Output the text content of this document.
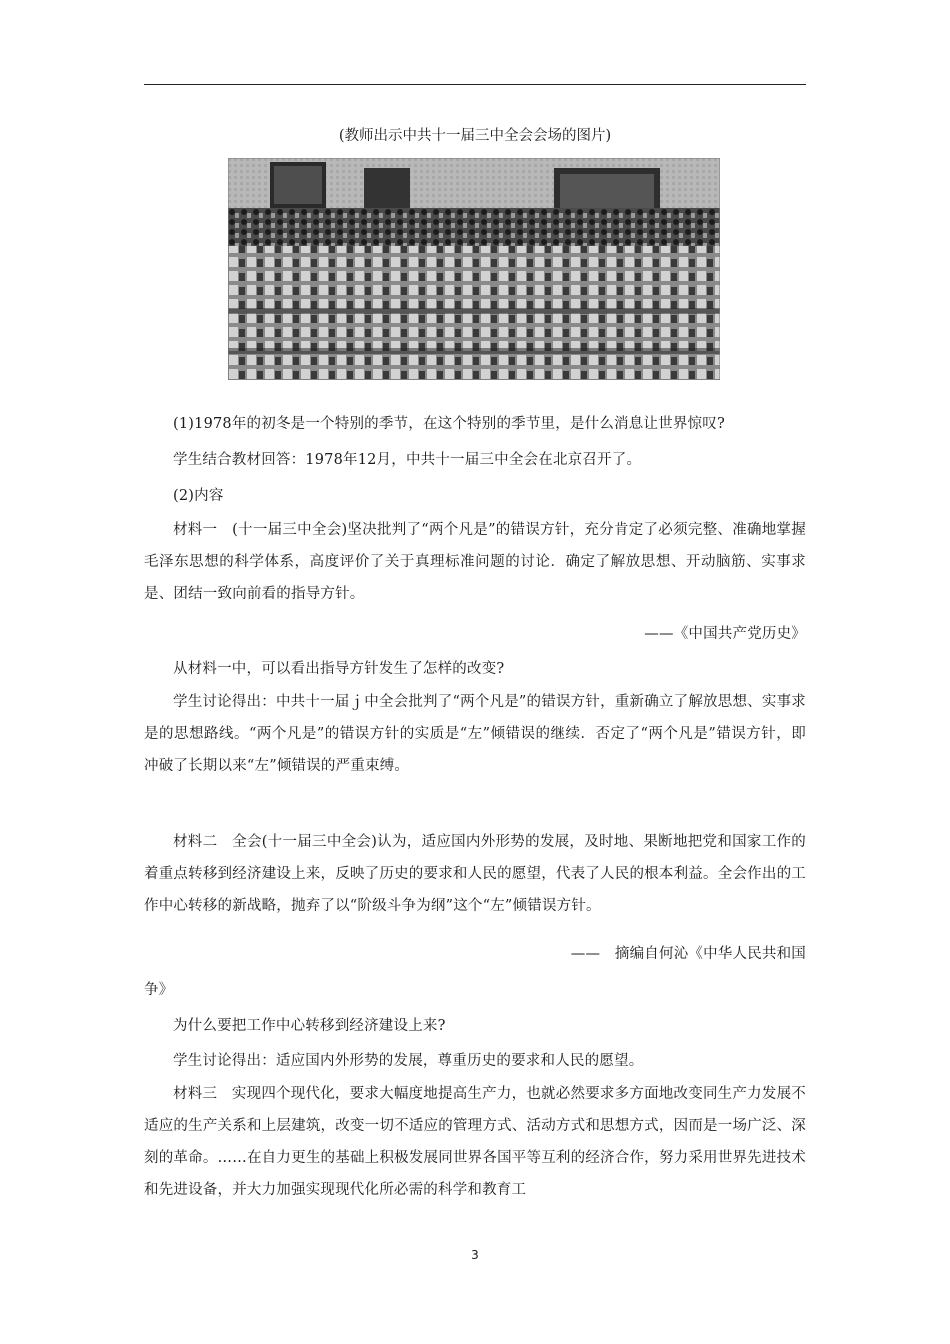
(教师出示中共十一届三中全会会场的图片)
(1)1978年的初冬是一个特别的季节，在这个特别的季节里，是什么消息让世界惊叹?
学生结合教材回答：1978年12月，中共十一届三中全会在北京召开了。
(2)内容
材料一　(十一届三中全会)坚决批判了“两个凡是”的错误方针，充分肯定了必须完整、准确地掌握毛泽东思想的科学体系，高度评价了关于真理标准问题的讨论．确定了解放思想、开动脑筋、实事求是、团结一致向前看的指导方针。
——《中国共产党历史》
从材料一中，可以看出指导方针发生了怎样的改变?
学生讨论得出：中共十一届ｊ中全会批判了“两个凡是”的错误方针，重新确立了解放思想、实事求是的思想路线。“两个凡是”的错误方针的实质是“左”倾错误的继续．否定了“两个凡是”错误方针，即冲破了长期以来“左”倾错误的严重束缚。
材料二　全会(十一届三中全会)认为，适应国内外形势的发展，及时地、果断地把党和国家工作的着重点转移到经济建设上来，反映了历史的要求和人民的愿望，代表了人民的根本利益。全会作出的工作中心转移的新战略，抛弃了以“阶级斗争为纲”这个“左”倾错误方针。
——　摘编自何沁《中华人民共和国
争》
为什么要把工作中心转移到经济建设上来?
学生讨论得出：适应国内外形势的发展，尊重历史的要求和人民的愿望。
材料三　实现四个现代化，要求大幅度地提高生产力，也就必然要求多方面地改变同生产力发展不适应的生产关系和上层建筑，改变一切不适应的管理方式、活动方式和思想方式，因而是一场广泛、深刻的革命。……在自力更生的基础上积极发展同世界各国平等互利的经济合作，努力采用世界先进技术和先进设备，并大力加强实现现代化所必需的科学和教育工
3
